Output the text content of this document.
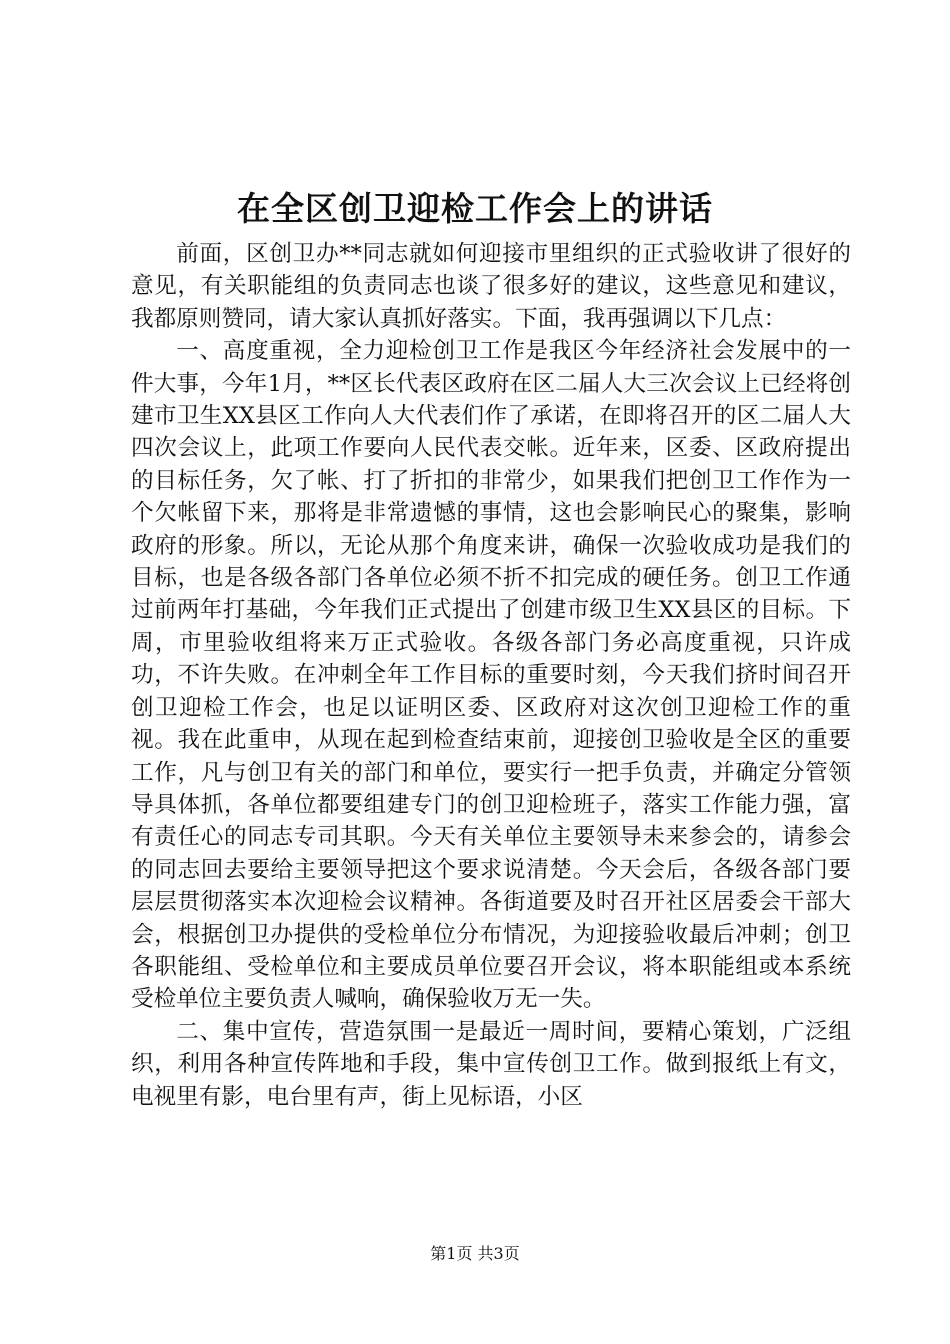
在全区创卫迎检工作会上的讲话

前面，区创卫办**同志就如何迎接市里组织的正式验收讲了很好的意见，有关职能组的负责同志也谈了很多好的建议，这些意见和建议，我都原则赞同，请大家认真抓好落实。下面，我再强调以下几点：

一、高度重视，全力迎检创卫工作是我区今年经济社会发展中的一件大事，今年1月，**区长代表区政府在区二届人大三次会议上已经将创建市卫生XX县区工作向人大代表们作了承诺，在即将召开的区二届人大四次会议上，此项工作要向人民代表交帐。近年来，区委、区政府提出的目标任务，欠了帐、打了折扣的非常少，如果我们把创卫工作作为一个欠帐留下来，那将是非常遗憾的事情，这也会影响民心的聚集，影响政府的形象。所以，无论从那个角度来讲，确保一次验收成功是我们的目标，也是各级各部门各单位必须不折不扣完成的硬任务。创卫工作通过前两年打基础，今年我们正式提出了创建市级卫生XX县区的目标。下周，市里验收组将来万正式验收。各级各部门务必高度重视，只许成功，不许失败。在冲刺全年工作目标的重要时刻，今天我们挤时间召开创卫迎检工作会，也足以证明区委、区政府对这次创卫迎检工作的重视。我在此重申，从现在起到检查结束前，迎接创卫验收是全区的重要工作，凡与创卫有关的部门和单位，要实行一把手负责，并确定分管领导具体抓，各单位都要组建专门的创卫迎检班子，落实工作能力强，富有责任心的同志专司其职。今天有关单位主要领导未来参会的，请参会的同志回去要给主要领导把这个要求说清楚。今天会后，各级各部门要层层贯彻落实本次迎检会议精神。各街道要及时召开社区居委会干部大会，根据创卫办提供的受检单位分布情况，为迎接验收最后冲刺；创卫各职能组、受检单位和主要成员单位要召开会议，将本职能组或本系统受检单位主要负责人喊响，确保验收万无一失。

二、集中宣传，营造氛围一是最近一周时间，要精心策划，广泛组织，利用各种宣传阵地和手段，集中宣传创卫工作。做到报纸上有文，电视里有影，电台里有声，街上见标语，小区

第1页 共3页
